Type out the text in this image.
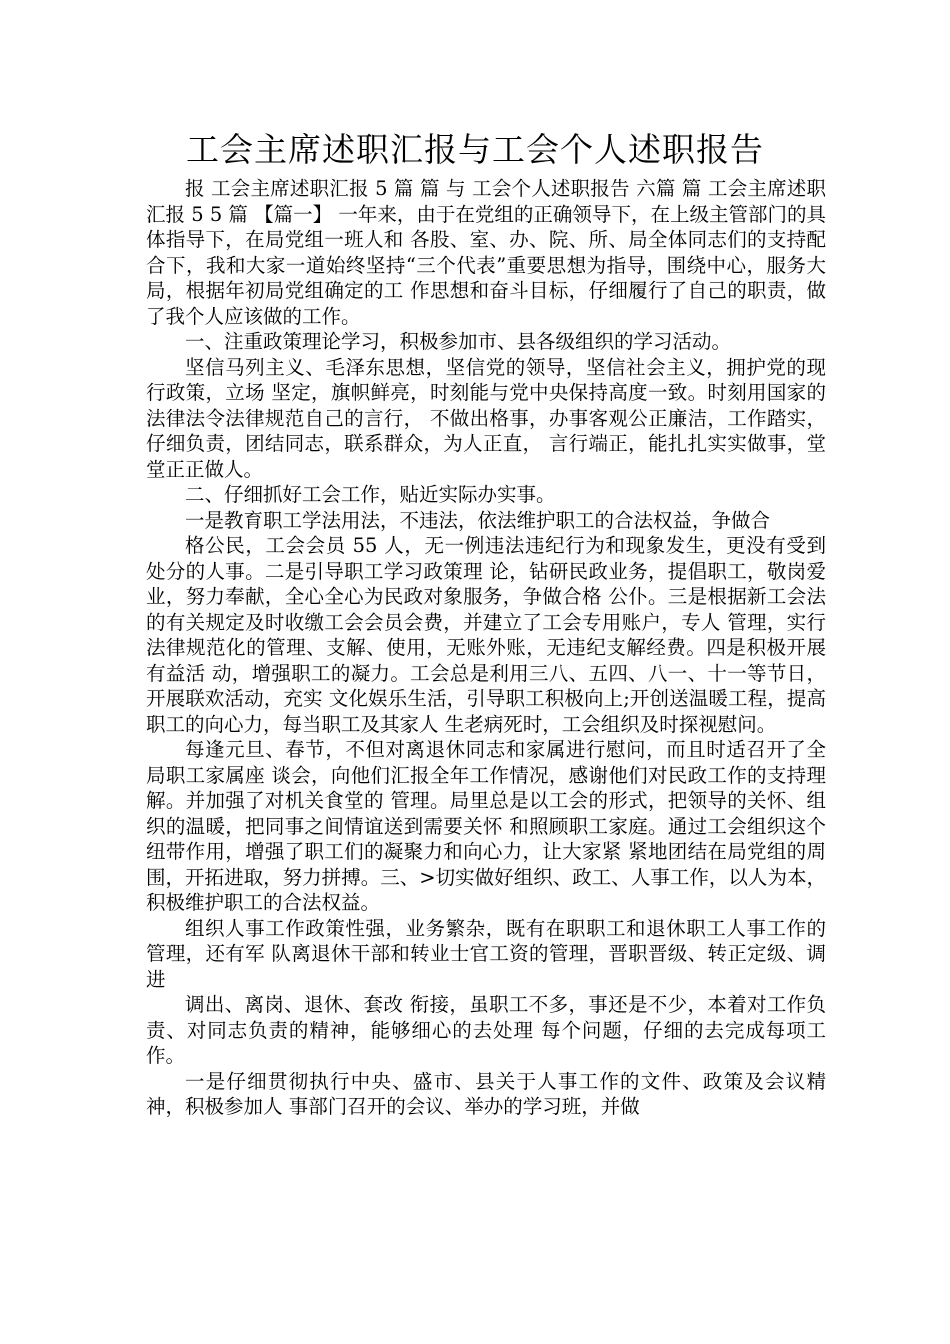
工会主席述职汇报与工会个人述职报告

报 工会主席述职汇报 5 篇 篇 与 工会个人述职报告 六篇 篇 工会主席述职汇报 5 5 篇 【篇一】 一年来，由于在党组的正确领导下，在上级主管部门的具体指导下，在局党组一班人和 各股、室、办、院、所、局全体同志们的支持配合下，我和大家一道始终坚持“三个代表”重要思想为指导，围绕中心，服务大局，根据年初局党组确定的工 作思想和奋斗目标，仔细履行了自己的职责，做了我个人应该做的工作。

一、注重政策理论学习，积极参加市、县各级组织的学习活动。

坚信马列主义、毛泽东思想，坚信党的领导，坚信社会主义，拥护党的现行政策，立场 坚定，旗帜鲜亮，时刻能与党中央保持高度一致。时刻用国家的法律法令法律规范自己的言行， 不做出格事，办事客观公正廉洁，工作踏实，仔细负责，团结同志，联系群众，为人正直， 言行端正，能扎扎实实做事，堂堂正正做人。

二、仔细抓好工会工作，贴近实际办实事。

一是教育职工学法用法，不违法，依法维护职工的合法权益，争做合

格公民，工会会员 55 人，无一例违法违纪行为和现象发生，更没有受到处分的人事。二是引导职工学习政策理 论，钻研民政业务，提倡职工，敬岗爱业，努力奉献，全心全心为民政对象服务，争做合格 公仆。三是根据新工会法的有关规定及时收缴工会会员会费，并建立了工会专用账户，专人 管理，实行法律规范化的管理、支解、使用，无账外账，无违纪支解经费。四是积极开展有益活 动，增强职工的凝力。工会总是利用三八、五四、八一、十一等节日，开展联欢活动，充实 文化娱乐生活，引导职工积极向上;开创送温暖工程，提高职工的向心力，每当职工及其家人 生老病死时，工会组织及时探视慰问。

每逢元旦、春节，不但对离退休同志和家属进行慰问，而且时适召开了全局职工家属座 谈会，向他们汇报全年工作情况，感谢他们对民政工作的支持理解。并加强了对机关食堂的 管理。局里总是以工会的形式，把领导的关怀、组织的温暖，把同事之间情谊送到需要关怀 和照顾职工家庭。通过工会组织这个纽带作用，增强了职工们的凝聚力和向心力，让大家紧 紧地团结在局党组的周围，开拓进取，努力拼搏。三、>切实做好组织、政工、人事工作，以人为本，积极维护职工的合法权益。

组织人事工作政策性强，业务繁杂，既有在职职工和退休职工人事工作的管理，还有军 队离退休干部和转业士官工资的管理，晋职晋级、转正定级、调进

调出、离岗、退休、套改 衔接，虽职工不多，事还是不少，本着对工作负责、对同志负责的精神，能够细心的去处理 每个问题，仔细的去完成每项工作。

一是仔细贯彻执行中央、盛市、县关于人事工作的文件、政策及会议精神，积极参加人 事部门召开的会议、举办的学习班，并做
